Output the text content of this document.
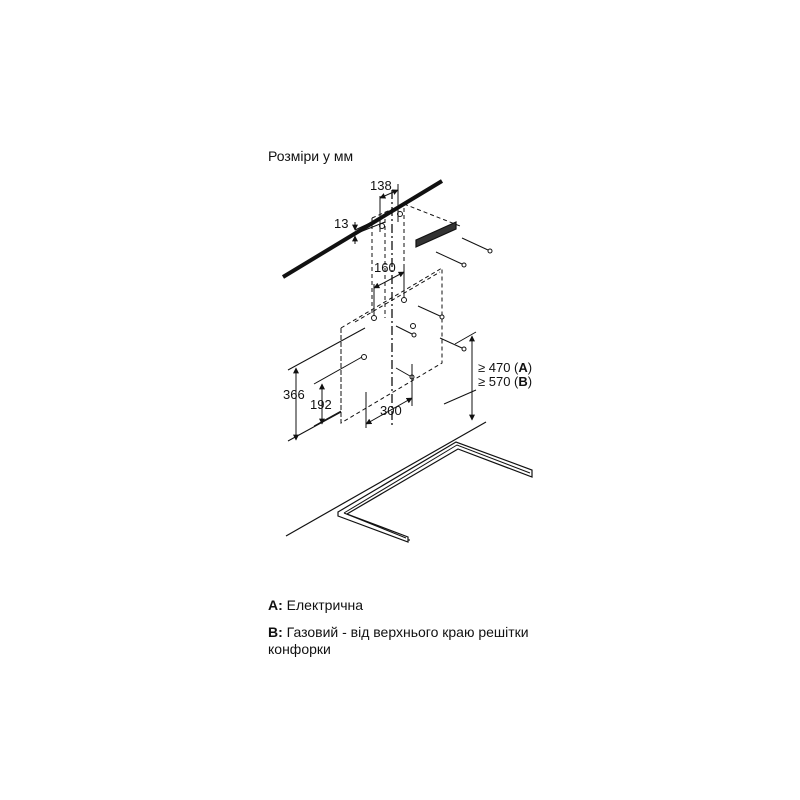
Розміри у мм
138
13
160
366
192	300
≥ 470 (A)
≥ 570 (B)
A: Електрична
B: Газовий - від верхнього краю решітки
конфорки
